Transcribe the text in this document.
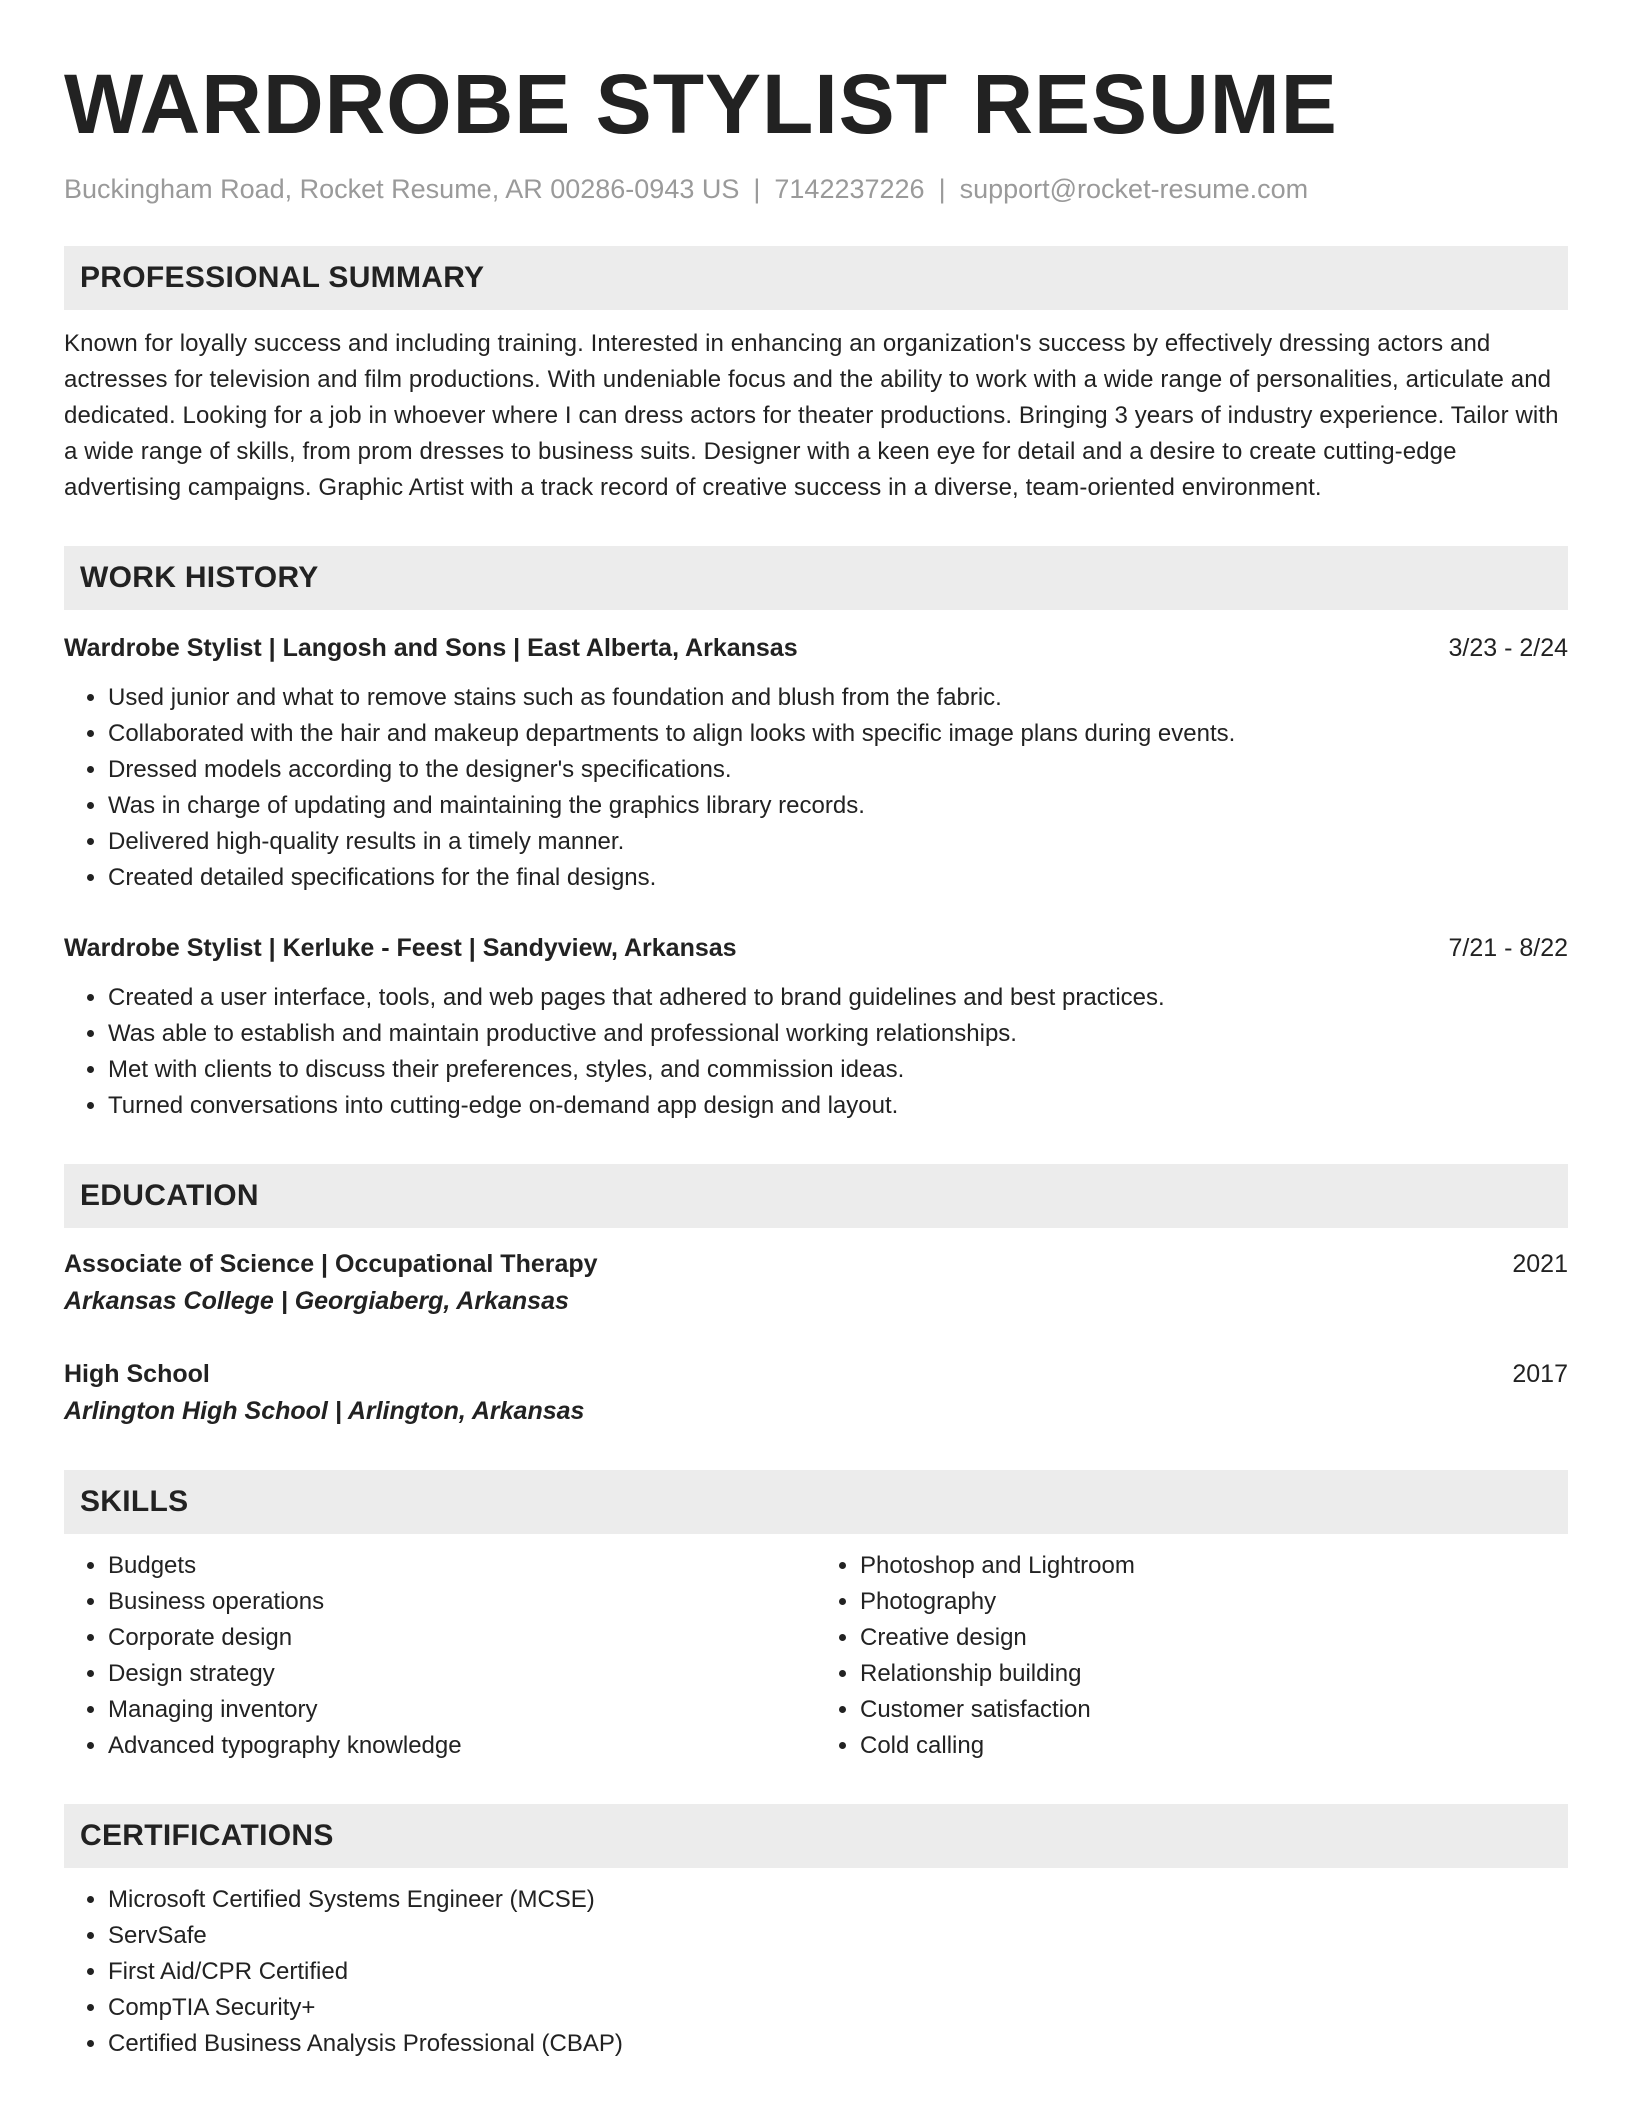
WARDROBE STYLIST RESUME
Buckingham Road, Rocket Resume, AR 00286-0943 US | 7142237226 | support@rocket-resume.com
PROFESSIONAL SUMMARY
Known for loyally success and including training. Interested in enhancing an organization's success by effectively dressing actors and actresses for television and film productions. With undeniable focus and the ability to work with a wide range of personalities, articulate and dedicated. Looking for a job in whoever where I can dress actors for theater productions. Bringing 3 years of industry experience. Tailor with a wide range of skills, from prom dresses to business suits. Designer with a keen eye for detail and a desire to create cutting-edge advertising campaigns. Graphic Artist with a track record of creative success in a diverse, team-oriented environment.
WORK HISTORY
Wardrobe Stylist | Langosh and Sons | East Alberta, Arkansas	3/23 - 2/24
• Used junior and what to remove stains such as foundation and blush from the fabric.
• Collaborated with the hair and makeup departments to align looks with specific image plans during events.
• Dressed models according to the designer's specifications.
• Was in charge of updating and maintaining the graphics library records.
• Delivered high-quality results in a timely manner.
• Created detailed specifications for the final designs.
Wardrobe Stylist | Kerluke - Feest | Sandyview, Arkansas	7/21 - 8/22
• Created a user interface, tools, and web pages that adhered to brand guidelines and best practices.
• Was able to establish and maintain productive and professional working relationships.
• Met with clients to discuss their preferences, styles, and commission ideas.
• Turned conversations into cutting-edge on-demand app design and layout.
EDUCATION
Associate of Science | Occupational Therapy	2021
Arkansas College | Georgiaberg, Arkansas
High School	2017
Arlington High School | Arlington, Arkansas
SKILLS
• Budgets
• Business operations
• Corporate design
• Design strategy
• Managing inventory
• Advanced typography knowledge
• Photoshop and Lightroom
• Photography
• Creative design
• Relationship building
• Customer satisfaction
• Cold calling
CERTIFICATIONS
• Microsoft Certified Systems Engineer (MCSE)
• ServSafe
• First Aid/CPR Certified
• CompTIA Security+
• Certified Business Analysis Professional (CBAP)
